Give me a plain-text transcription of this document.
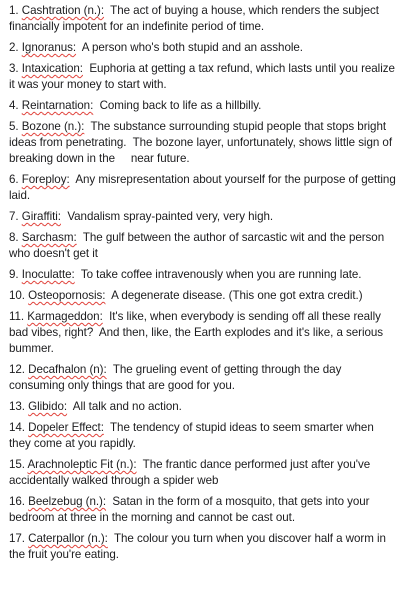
1. Cashtration (n.): The act of buying a house, which renders the subject financially impotent for an indefinite period of time.

2. Ignoranus: A person who's both stupid and an asshole.

3. Intaxication: Euphoria at getting a tax refund, which lasts until you realize it was your money to start with.

4. Reintarnation: Coming back to life as a hillbilly.

5. Bozone (n.): The substance surrounding stupid people that stops bright ideas from penetrating.  The bozone layer, unfortunately, shows little sign of breaking down in the     near future.

6. Foreploy: Any misrepresentation about yourself for the purpose of getting laid.

7. Giraffiti: Vandalism spray-painted very, very high.

8. Sarchasm: The gulf between the author of sarcastic wit and the person who doesn't get it

9. Inoculatte: To take coffee intravenously when you are running late.

10. Osteopornosis: A degenerate disease. (This one got extra credit.)

11. Karmageddon: It's like, when everybody is sending off all these really bad vibes, right?  And then, like, the Earth explodes and it's like, a serious bummer.

12. Decafhalon (n): The grueling event of getting through the day consuming only things that are good for you.

13. Glibido: All talk and no action.

14. Dopeler Effect: The tendency of stupid ideas to seem smarter when they come at you rapidly.

15. Arachnoleptic Fit (n.): The frantic dance performed just after you've accidentally walked through a spider web

16. Beelzebug (n.): Satan in the form of a mosquito, that gets into your bedroom at three in the morning and cannot be cast out.

17. Caterpallor (n.): The colour you turn when you discover half a worm in the fruit you're eating.
